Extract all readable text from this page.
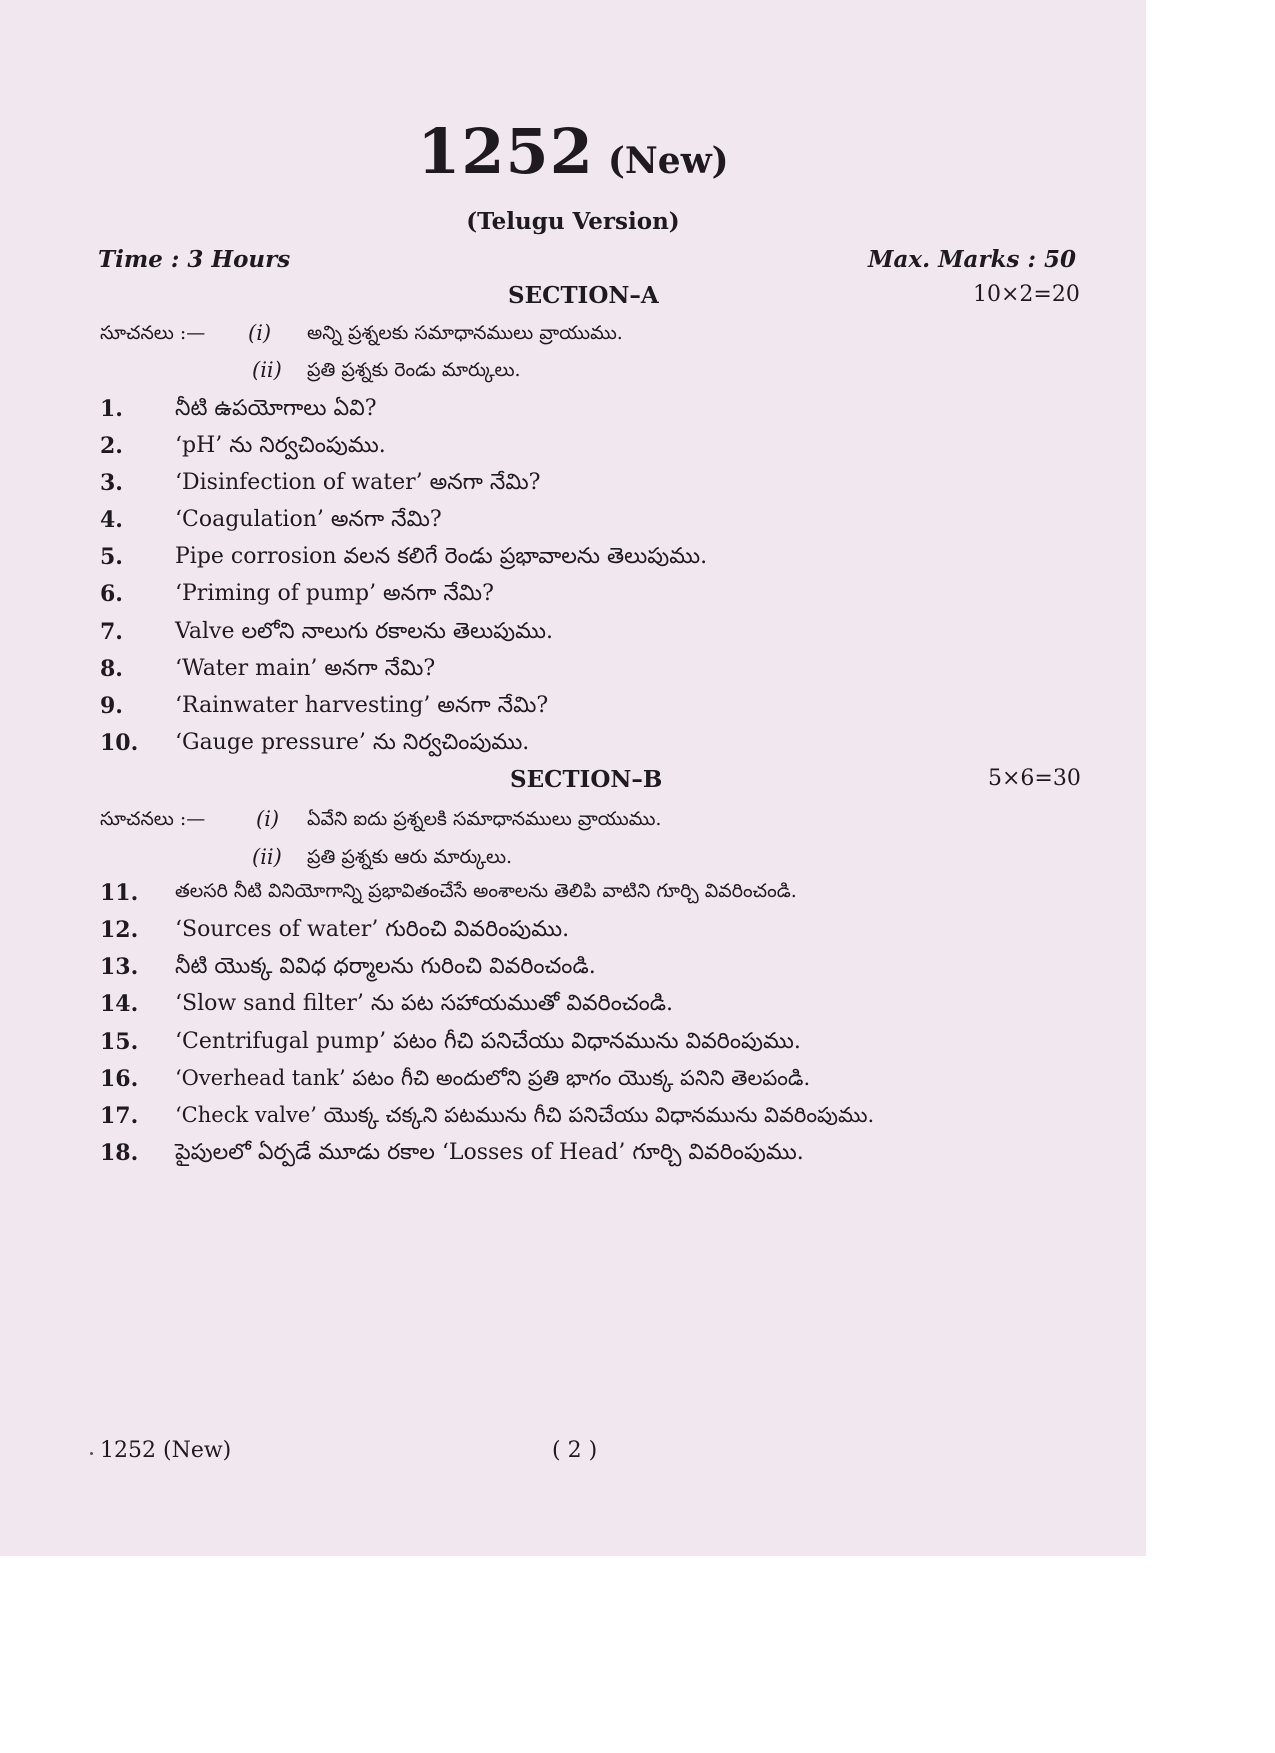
1252 (New)
(Telugu Version)
Time : 3 Hours	Max. Marks : 50
SECTION–A	10×2=20
సూచనలు :— (i) అన్ని ప్రశ్నలకు సమాధానములు వ్రాయుము.
(ii) ప్రతి ప్రశ్నకు రెండు మార్కులు.
1.	నీటి ఉపయోగాలు ఏవి?
2.	‘pH’ ను నిర్వచింపుము.
3.	‘Disinfection of water’ అనగా నేమి?
4.	‘Coagulation’ అనగా నేమి?
5.	Pipe corrosion వలన కలిగే రెండు ప్రభావాలను తెలుపుము.
6.	‘Priming of pump’ అనగా నేమి?
7.	Valve లలోని నాలుగు రకాలను తెలుపుము.
8.	‘Water main’ అనగా నేమి?
9.	‘Rainwater harvesting’ అనగా నేమి?
10.	‘Gauge pressure’ ను నిర్వచింపుము.
SECTION–B	5×6=30
సూచనలు :— (i) ఏవేని ఐదు ప్రశ్నలకి సమాధానములు వ్రాయుము.
(ii) ప్రతి ప్రశ్నకు ఆరు మార్కులు.
11.	తలసరి నీటి వినియోగాన్ని ప్రభావితంచేసే అంశాలను తెలిపి వాటిని గూర్చి వివరించండి.
12.	‘Sources of water’ గురించి వివరింపుము.
13.	నీటి యొక్క వివిధ ధర్మాలను గురించి వివరించండి.
14.	‘Slow sand filter’ ను పట సహాయముతో వివరించండి.
15.	‘Centrifugal pump’ పటం గీచి పనిచేయు విధానమును వివరింపుము.
16.	‘Overhead tank’ పటం గీచి అందులోని ప్రతి భాగం యొక్క పనిని తెలపండి.
17.	‘Check valve’ యొక్క చక్కని పటమును గీచి పనిచేయు విధానమును వివరింపుము.
18.	పైపులలో ఏర్పడే మూడు రకాల ‘Losses of Head’ గూర్చి వివరింపుము.
1252 (New)	( 2 )
